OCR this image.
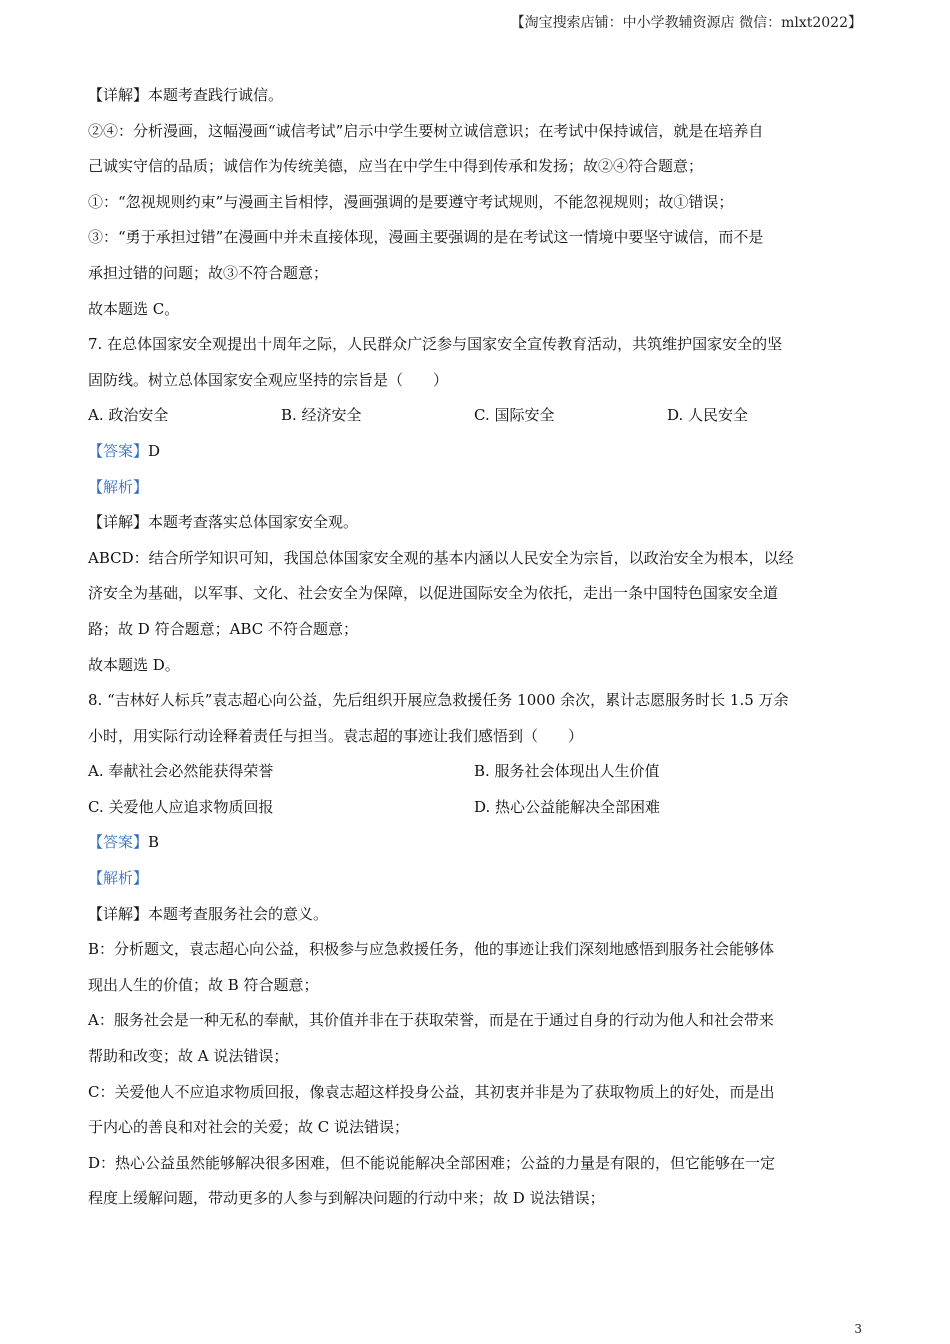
【淘宝搜索店铺：中小学教辅资源店 微信：mlxt2022】
【详解】本题考查践行诚信。
②④：分析漫画，这幅漫画“诚信考试”启示中学生要树立诚信意识；在考试中保持诚信，就是在培养自
己诚实守信的品质；诚信作为传统美德，应当在中学生中得到传承和发扬；故②④符合题意；
①：“忽视规则约束”与漫画主旨相悖，漫画强调的是要遵守考试规则，不能忽视规则；故①错误；
③：“勇于承担过错”在漫画中并未直接体现，漫画主要强调的是在考试这一情境中要坚守诚信，而不是
承担过错的问题；故③不符合题意；
故本题选 C。
7. 在总体国家安全观提出十周年之际，人民群众广泛参与国家安全宣传教育活动，共筑维护国家安全的坚
固防线。树立总体国家安全观应坚持的宗旨是（　　）
A. 政治安全	B. 经济安全	C. 国际安全	D. 人民安全
【答案】D
【解析】
【详解】本题考查落实总体国家安全观。
ABCD：结合所学知识可知，我国总体国家安全观的基本内涵以人民安全为宗旨，以政治安全为根本，以经
济安全为基础，以军事、文化、社会安全为保障，以促进国际安全为依托，走出一条中国特色国家安全道
路；故 D 符合题意；ABC 不符合题意；
故本题选 D。
8. “吉林好人标兵”袁志超心向公益，先后组织开展应急救援任务 1000 余次，累计志愿服务时长 1.5 万余
小时，用实际行动诠释着责任与担当。袁志超的事迹让我们感悟到（　　）
A. 奉献社会必然能获得荣誉	B. 服务社会体现出人生价值
C. 关爱他人应追求物质回报	D. 热心公益能解决全部困难
【答案】B
【解析】
【详解】本题考查服务社会的意义。
B：分析题文，袁志超心向公益，积极参与应急救援任务，他的事迹让我们深刻地感悟到服务社会能够体
现出人生的价值；故 B 符合题意；
A：服务社会是一种无私的奉献，其价值并非在于获取荣誉，而是在于通过自身的行动为他人和社会带来
帮助和改变；故 A 说法错误；
C：关爱他人不应追求物质回报，像袁志超这样投身公益，其初衷并非是为了获取物质上的好处，而是出
于内心的善良和对社会的关爱；故 C 说法错误；
D：热心公益虽然能够解决很多困难，但不能说能解决全部困难；公益的力量是有限的，但它能够在一定
程度上缓解问题，带动更多的人参与到解决问题的行动中来；故 D 说法错误；
3
